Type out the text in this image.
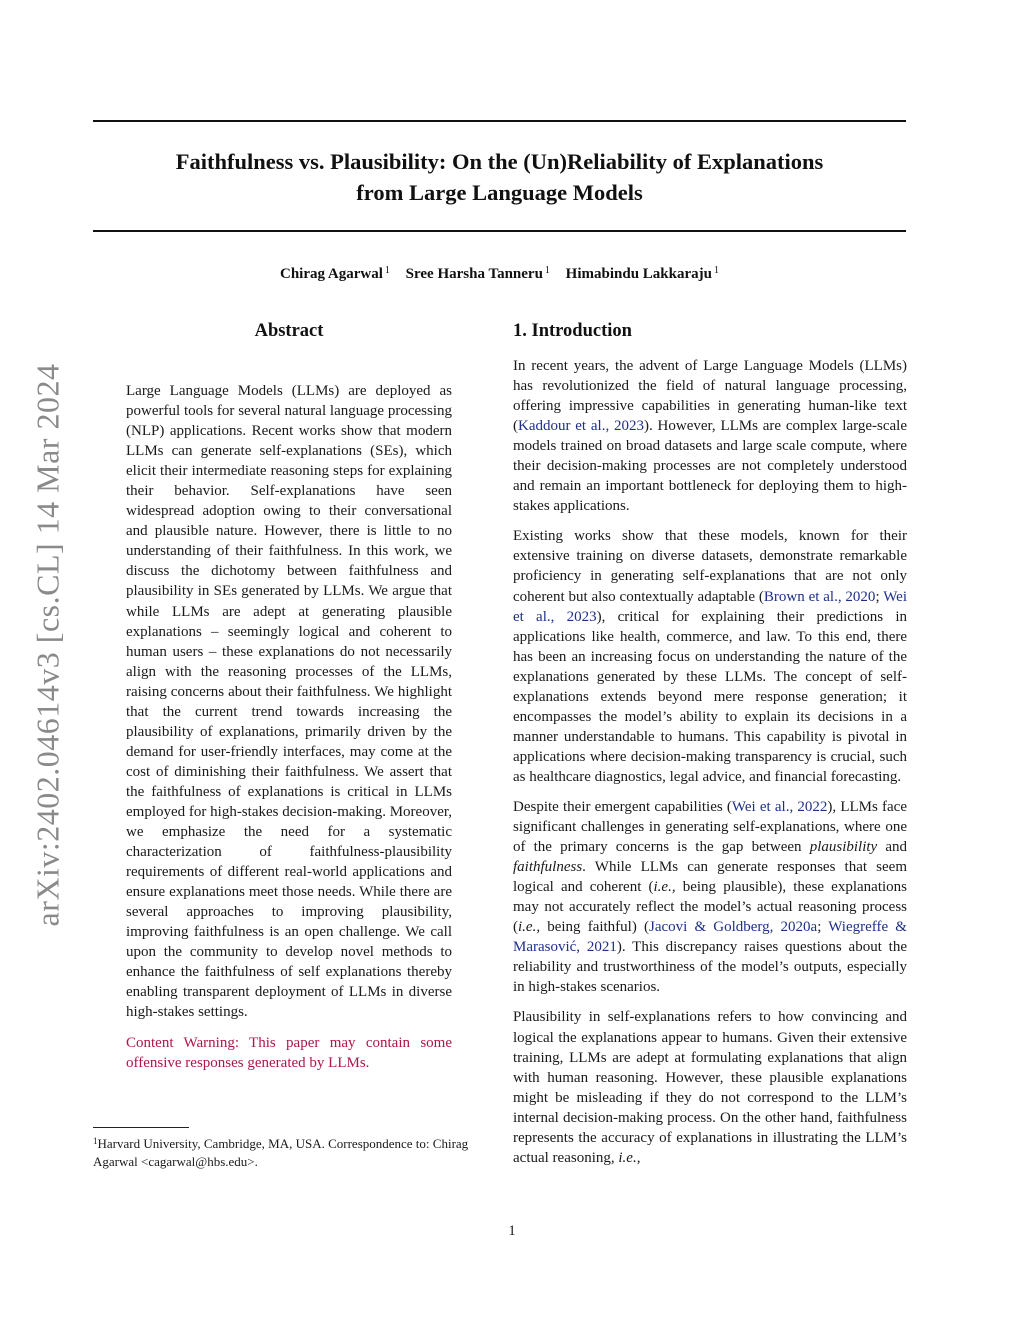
arXiv:2402.04614v3 [cs.CL] 14 Mar 2024
Faithfulness vs. Plausibility: On the (Un)Reliability of Explanations
from Large Language Models
Chirag Agarwal $^1$ Sree Harsha Tanneru $^1$ Himabindu Lakkaraju $^1$
Abstract

Large Language Models (LLMs) are deployed as powerful tools for several natural language processing (NLP) applications. Recent works show that modern LLMs can generate self-explanations (SEs), which elicit their intermediate reasoning steps for explaining their behavior. Self-explanations have seen widespread adoption owing to their conversational and plausible nature. However, there is little to no understanding of their faithfulness. In this work, we discuss the dichotomy between faithfulness and plausibility in SEs generated by LLMs. We argue that while LLMs are adept at generating plausible explanations – seemingly logical and coherent to human users – these explanations do not necessarily align with the reasoning processes of the LLMs, raising concerns about their faithfulness. We highlight that the current trend towards increasing the plausibility of explanations, primarily driven by the demand for user-friendly interfaces, may come at the cost of diminishing their faithfulness. We assert that the faithfulness of explanations is critical in LLMs employed for high-stakes decision-making. Moreover, we emphasize the need for a systematic characterization of faithfulness-plausibility requirements of different real-world applications and ensure explanations meet those needs. While there are several approaches to improving plausibility, improving faithfulness is an open challenge. We call upon the community to develop novel methods to enhance the faithfulness of self explanations thereby enabling transparent deployment of LLMs in diverse high-stakes settings.

Content Warning: This paper may contain some offensive responses generated by LLMs.

1. Introduction

In recent years, the advent of Large Language Models (LLMs) has revolutionized the field of natural language processing, offering impressive capabilities in generating human-like text (Kaddour et al., 2023). However, LLMs are complex large-scale models trained on broad datasets and large scale compute, where their decision-making processes are not completely understood and remain an important bottleneck for deploying them to high-stakes applications.

Existing works show that these models, known for their extensive training on diverse datasets, demonstrate remarkable proficiency in generating self-explanations that are not only coherent but also contextually adaptable (Brown et al., 2020; Wei et al., 2023), critical for explaining their predictions in applications like health, commerce, and law. To this end, there has been an increasing focus on understanding the nature of the explanations generated by these LLMs. The concept of self-explanations extends beyond mere response generation; it encompasses the model’s ability to explain its decisions in a manner understandable to humans. This capability is pivotal in applications where decision-making transparency is crucial, such as healthcare diagnostics, legal advice, and financial forecasting.

Despite their emergent capabilities (Wei et al., 2022), LLMs face significant challenges in generating self-explanations, where one of the primary concerns is the gap between plausibility and faithfulness. While LLMs can generate responses that seem logical and coherent (i.e., being plausible), these explanations may not accurately reflect the model’s actual reasoning process (i.e., being faithful) (Jacovi & Goldberg, 2020a; Wiegreffe & Marasović, 2021). This discrepancy raises questions about the reliability and trustworthiness of the model’s outputs, especially in high-stakes scenarios.

Plausibility in self-explanations refers to how convincing and logical the explanations appear to humans. Given their extensive training, LLMs are adept at formulating explanations that align with human reasoning. However, these plausible explanations might be misleading if they do not correspond to the LLM’s internal decision-making process. On the other hand, faithfulness represents the accuracy of explanations in illustrating the LLM’s actual reasoning, i.e.,

$^1$Harvard University, Cambridge, MA, USA. Correspondence to: Chirag Agarwal <cagarwal@hbs.edu>.
1
